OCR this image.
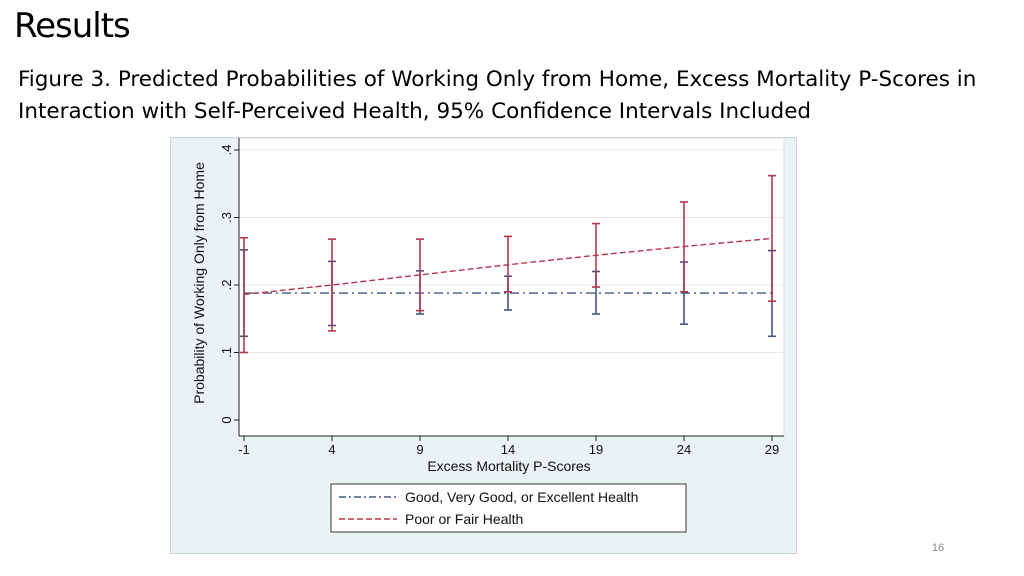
Results

Figure 3. Predicted Probabilities of Working Only from Home, Excess Mortality P-Scores in Interaction with Self-Perceived Health, 95% Confidence Intervals Included

0
.1
.2
.3
.4
-1	4	9	14	19	24	29
Excess Mortality P-Scores
Probability of Working Only from Home
Good, Very Good, or Excellent Health
Poor or Fair Health
16
